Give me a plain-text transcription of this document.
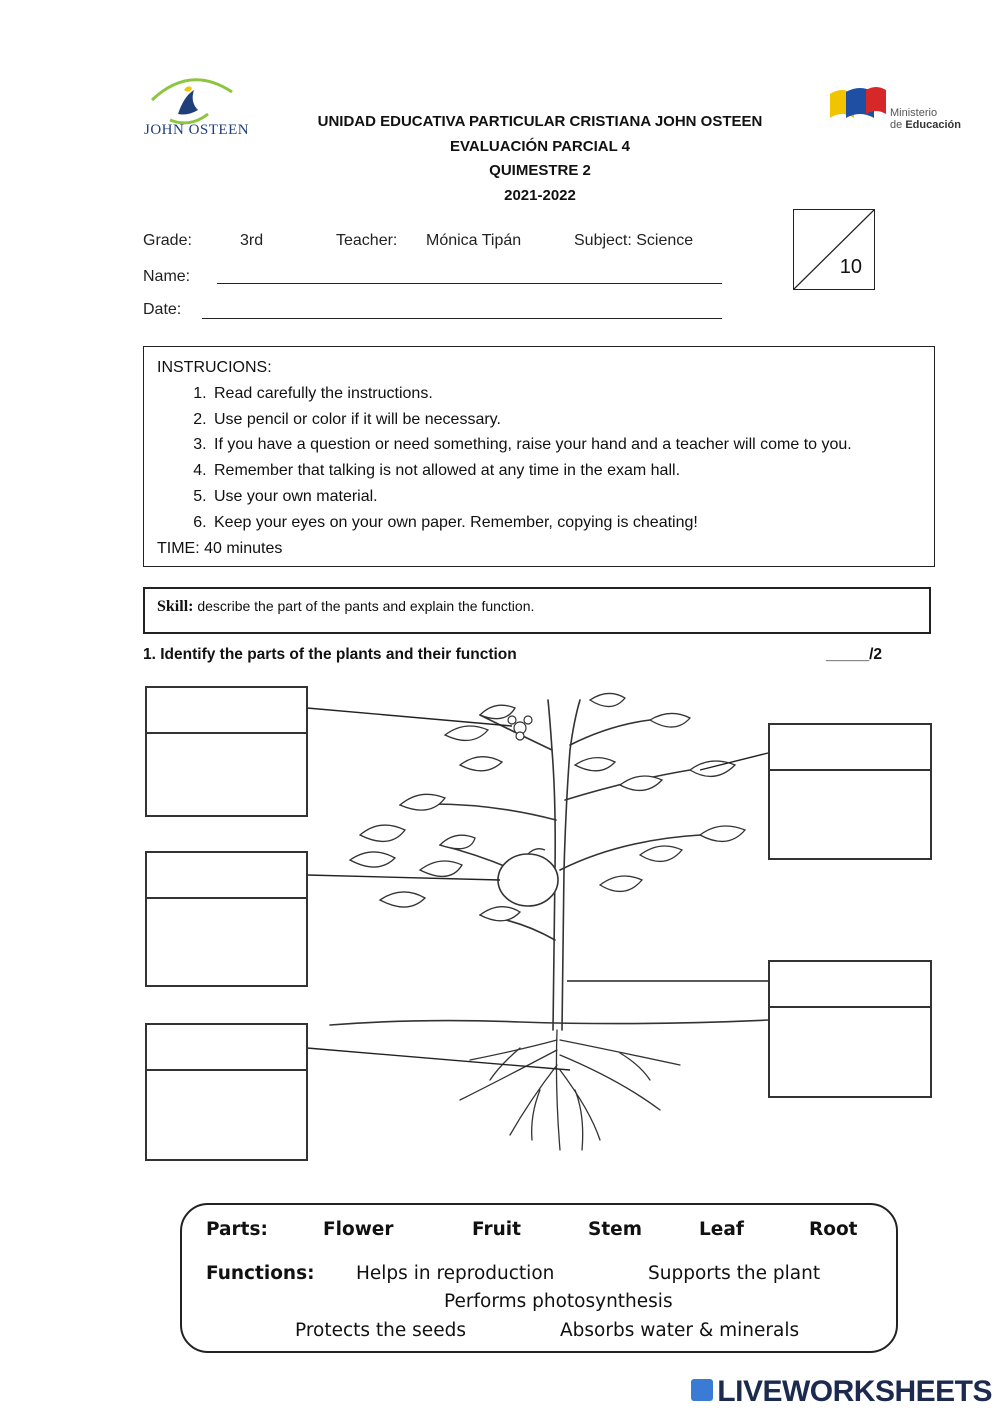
JOHN OSTEEN	UNIDAD EDUCATIVA PARTICULAR CRISTIANA JOHN OSTEEN
EVALUACIÓN PARCIAL 4
QUIMESTRE 2
2021-2022
Ministerio
de Educación
Grade:	3rd	Teacher: Mónica Tipán	Subject: Science
Name:
Date:
10
INSTRUCIONS:
1. Read carefully the instructions.
2. Use pencil or color if it will be necessary.
3. If you have a question or need something, raise your hand and a teacher will come to you.
4. Remember that talking is not allowed at any time in the exam hall.
5. Use your own material.
6. Keep your eyes on your own paper. Remember, copying is cheating!
TIME: 40 minutes
Skill: describe the part of the pants and explain the function.
1. Identify the parts of the plants and their function	_____/2
Parts:	Flower	Fruit	Stem	Leaf	Root
Functions: Helps in reproduction	Supports the plant
Performs photosynthesis
Protects the seeds	Absorbs water & minerals
LIVEWORKSHEETS
